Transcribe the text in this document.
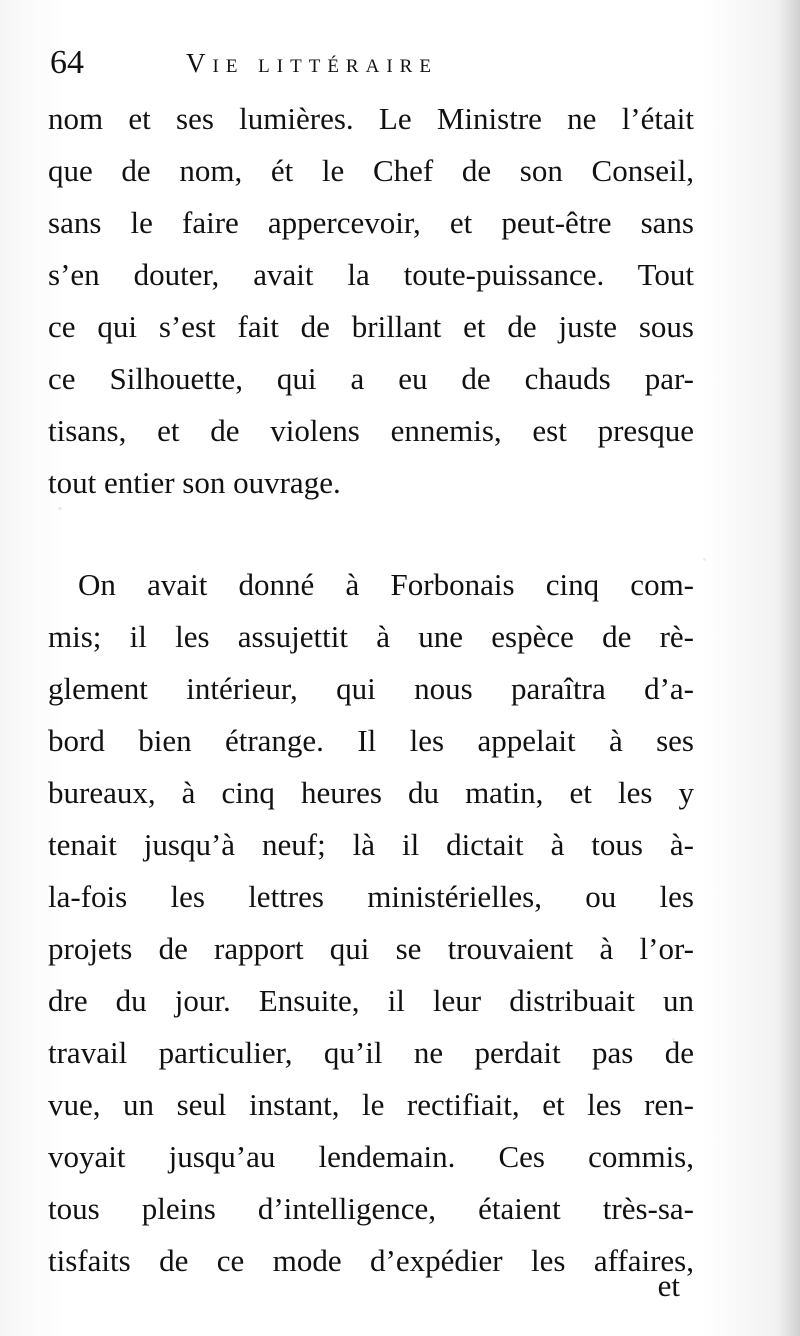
64	Vie littéraire
nom et ses lumières. Le Ministre ne l’était
que de nom, ét le Chef de son Conseil,
sans le faire appercevoir, et peut-être sans
s’en douter, avait la toute-puissance. Tout
ce qui s’est fait de brillant et de juste sous
ce Silhouette, qui a eu de chauds par-
tisans, et de violens ennemis, est presque
tout entier son ouvrage.
On avait donné à Forbonais cinq com-
mis; il les assujettit à une espèce de rè-
glement intérieur, qui nous paraîtra d’a-
bord bien étrange. Il les appelait à ses
bureaux, à cinq heures du matin, et les y
tenait jusqu’à neuf; là il dictait à tous à-
la-fois les lettres ministérielles, ou les
projets de rapport qui se trouvaient à l’or-
dre du jour. Ensuite, il leur distribuait un
travail particulier, qu’il ne perdait pas de
vue, un seul instant, le rectifiait, et les ren-
voyait jusqu’au lendemain. Ces commis,
tous pleins d’intelligence, étaient très-sa-
tisfaits de ce mode d’expédier les affaires,
et
